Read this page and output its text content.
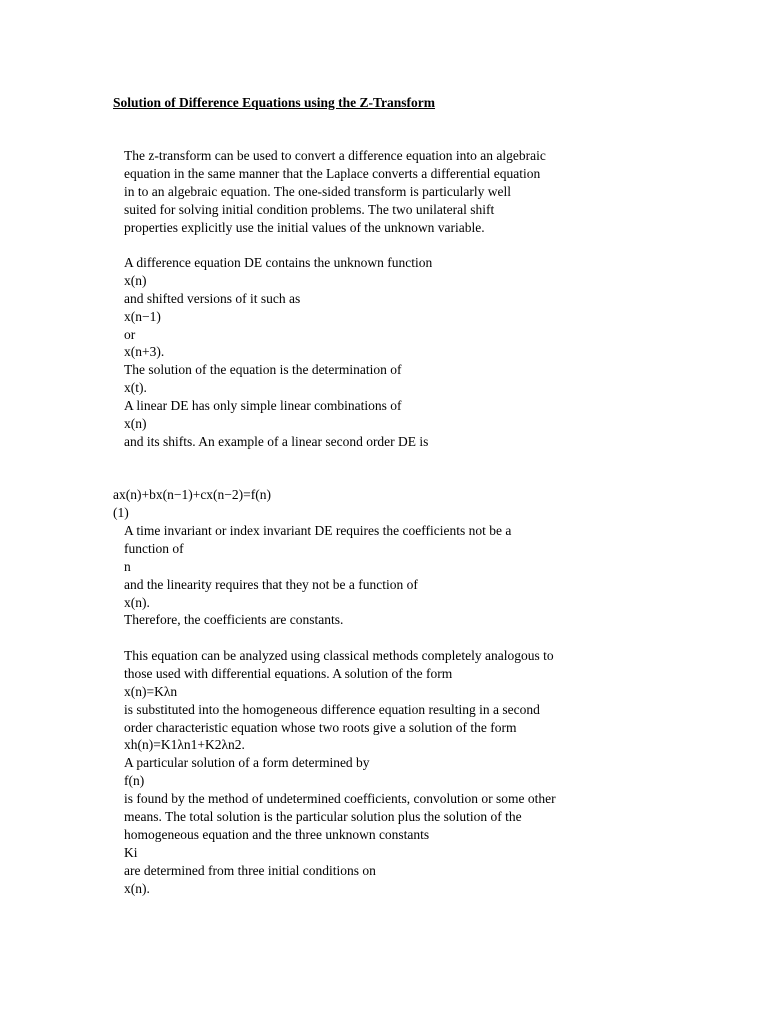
Solution of Difference Equations using the Z-Transform
The z-transform can be used to convert a difference equation into an algebraic
equation in the same manner that the Laplace converts a differential equation
in to an algebraic equation. The one-sided transform is particularly well
suited for solving initial condition problems. The two unilateral shift
properties explicitly use the initial values of the unknown variable.
A difference equation DE contains the unknown function
x(n)
and shifted versions of it such as
x(n−1)
or
x(n+3).
The solution of the equation is the determination of
x(t).
A linear DE has only simple linear combinations of
x(n)
and its shifts. An example of a linear second order DE is
ax(n)+bx(n−1)+cx(n−2)=f(n)
(1)
A time invariant or index invariant DE requires the coefficients not be a
function of
n
and the linearity requires that they not be a function of
x(n).
Therefore, the coefficients are constants.
This equation can be analyzed using classical methods completely analogous to
those used with differential equations. A solution of the form
x(n)=Kλn
is substituted into the homogeneous difference equation resulting in a second
order characteristic equation whose two roots give a solution of the form
xh(n)=K1λn1+K2λn2.
A particular solution of a form determined by
f(n)
is found by the method of undetermined coefficients, convolution or some other
means. The total solution is the particular solution plus the solution of the
homogeneous equation and the three unknown constants
Ki
are determined from three initial conditions on
x(n).
